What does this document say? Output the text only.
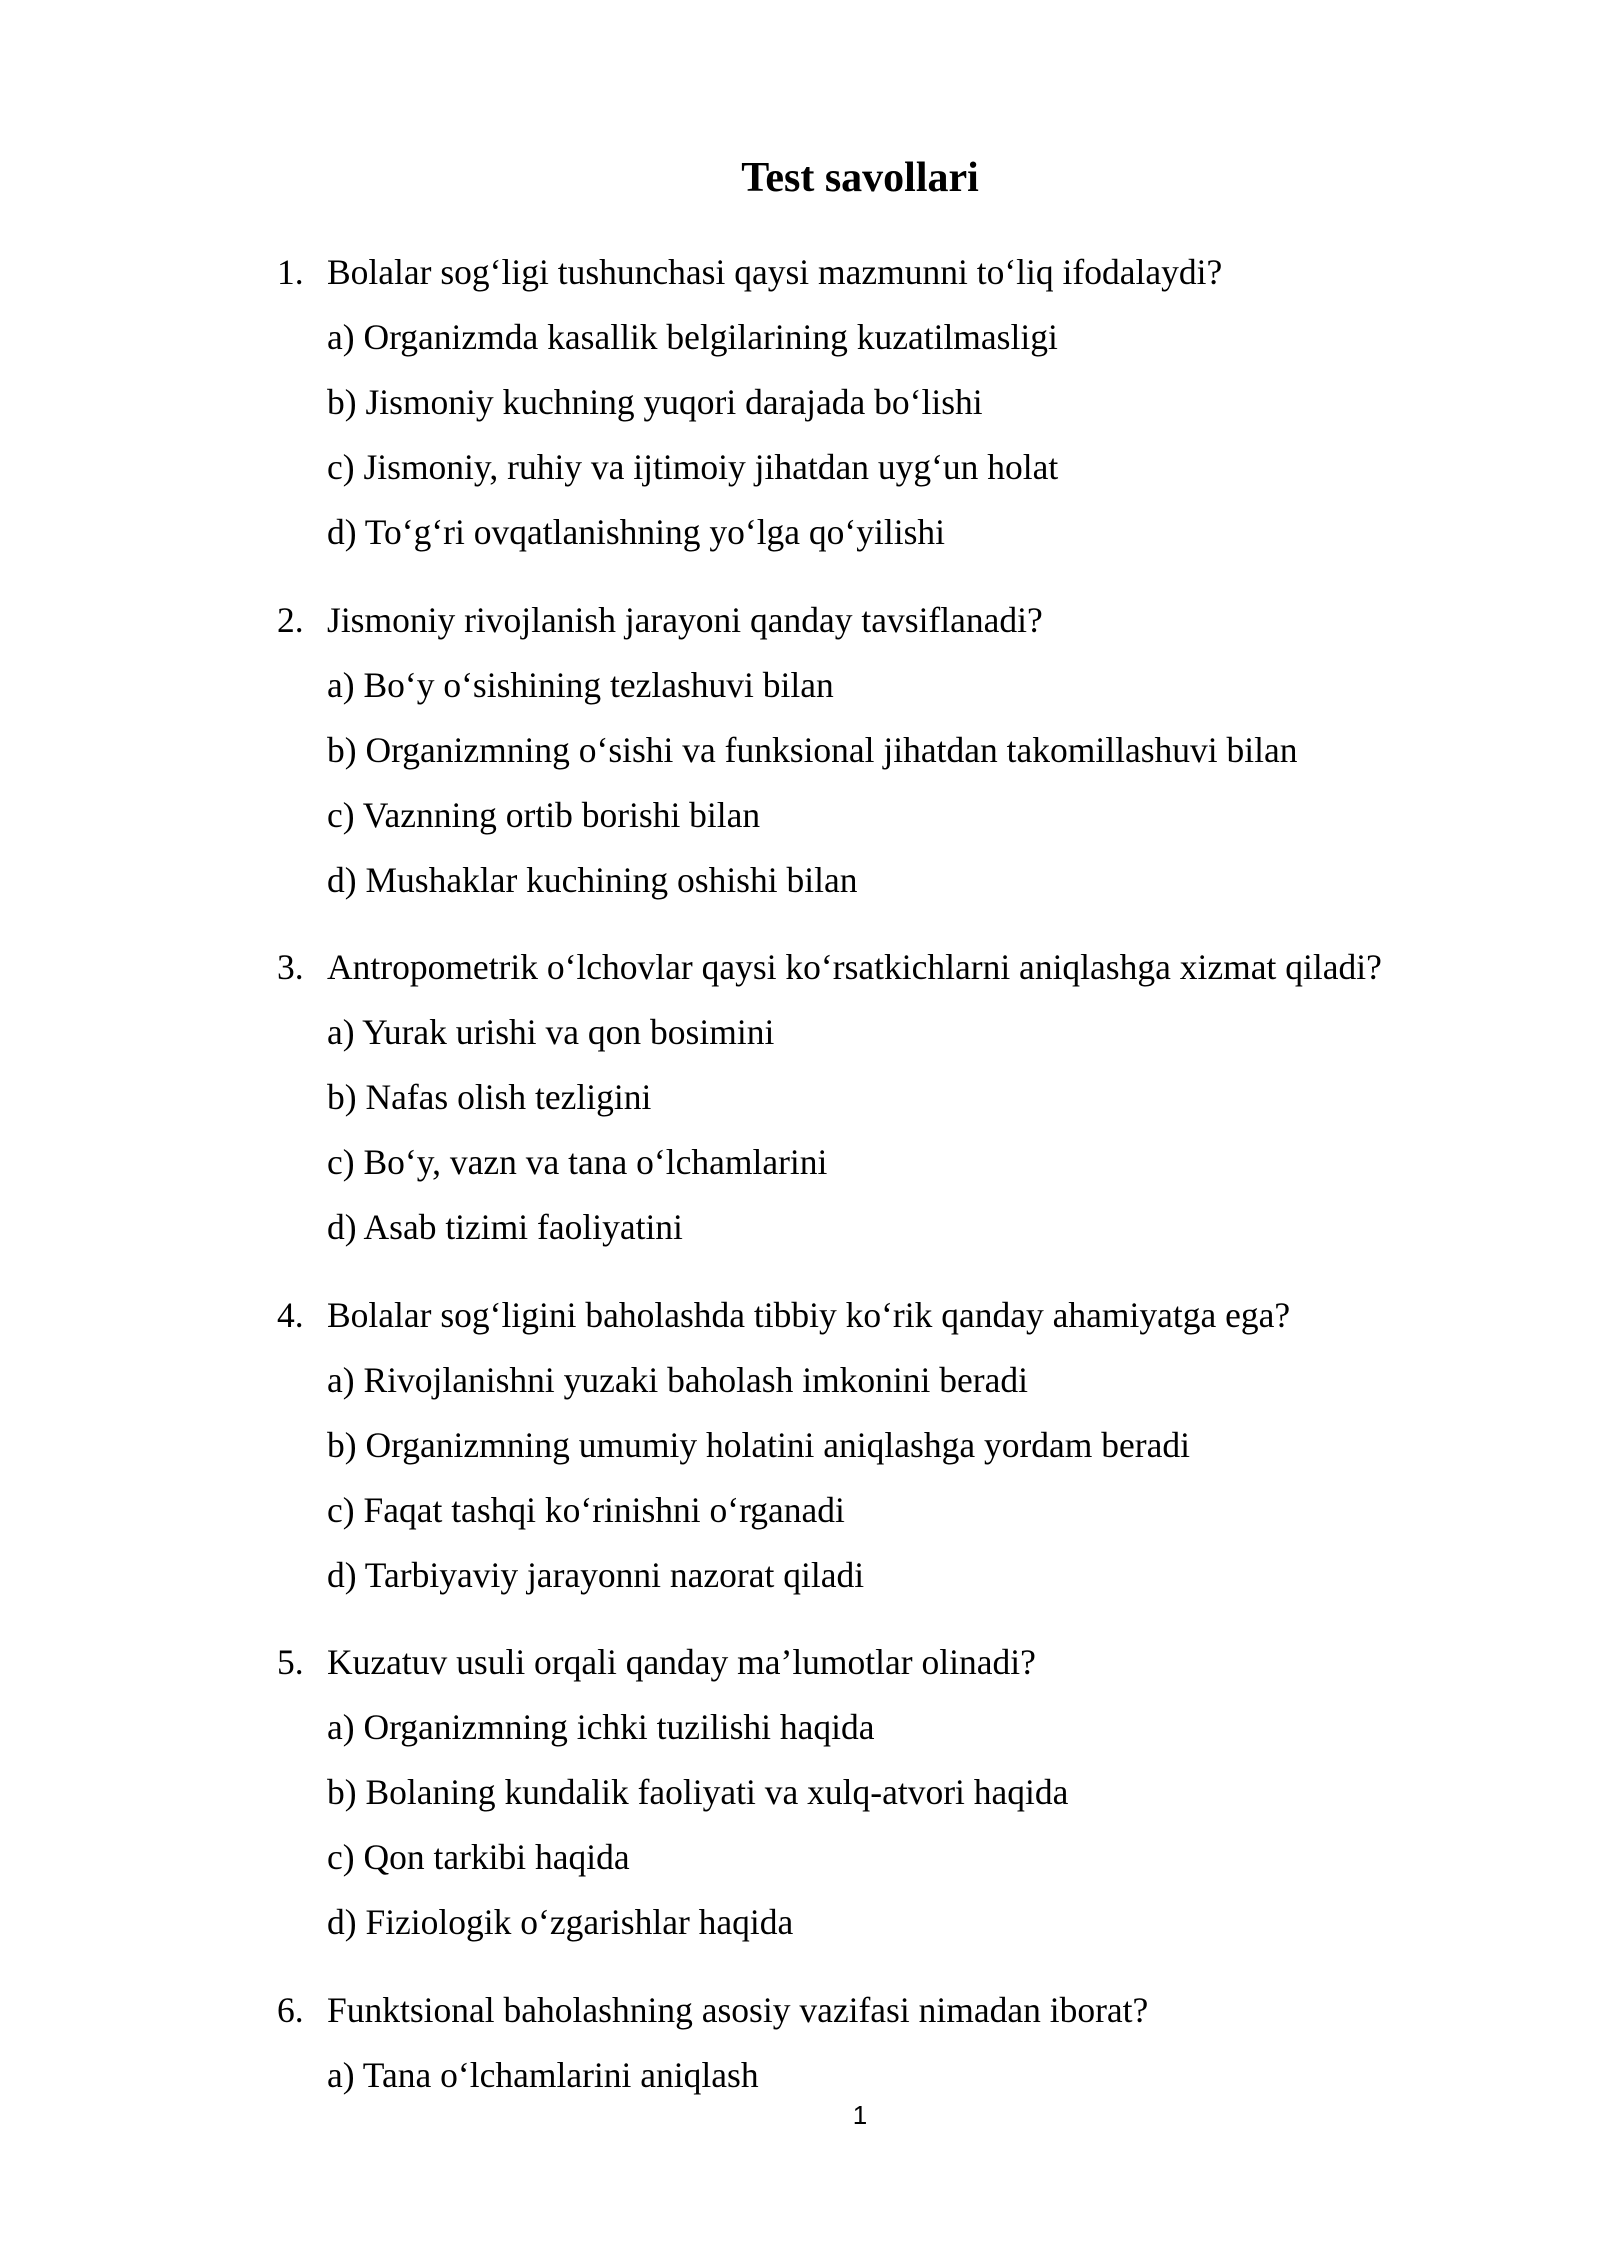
Test savollari
1. Bolalar sog‘ligi tushunchasi qaysi mazmunni to‘liq ifodalaydi?
a) Organizmda kasallik belgilarining kuzatilmasligi
b) Jismoniy kuchning yuqori darajada bo‘lishi
c) Jismoniy, ruhiy va ijtimoiy jihatdan uyg‘un holat
d) To‘g‘ri ovqatlanishning yo‘lga qo‘yilishi
2. Jismoniy rivojlanish jarayoni qanday tavsiflanadi?
a) Bo‘y o‘sishining tezlashuvi bilan
b) Organizmning o‘sishi va funksional jihatdan takomillashuvi bilan
c) Vaznning ortib borishi bilan
d) Mushaklar kuchining oshishi bilan
3. Antropometrik o‘lchovlar qaysi ko‘rsatkichlarni aniqlashga xizmat qiladi?
a) Yurak urishi va qon bosimini
b) Nafas olish tezligini
c) Bo‘y, vazn va tana o‘lchamlarini
d) Asab tizimi faoliyatini
4. Bolalar sog‘ligini baholashda tibbiy ko‘rik qanday ahamiyatga ega?
a) Rivojlanishni yuzaki baholash imkonini beradi
b) Organizmning umumiy holatini aniqlashga yordam beradi
c) Faqat tashqi ko‘rinishni o‘rganadi
d) Tarbiyaviy jarayonni nazorat qiladi
5. Kuzatuv usuli orqali qanday ma’lumotlar olinadi?
a) Organizmning ichki tuzilishi haqida
b) Bolaning kundalik faoliyati va xulq-atvori haqida
c) Qon tarkibi haqida
d) Fiziologik o‘zgarishlar haqida
6. Funktsional baholashning asosiy vazifasi nimadan iborat?
a) Tana o‘lchamlarini aniqlash
1
